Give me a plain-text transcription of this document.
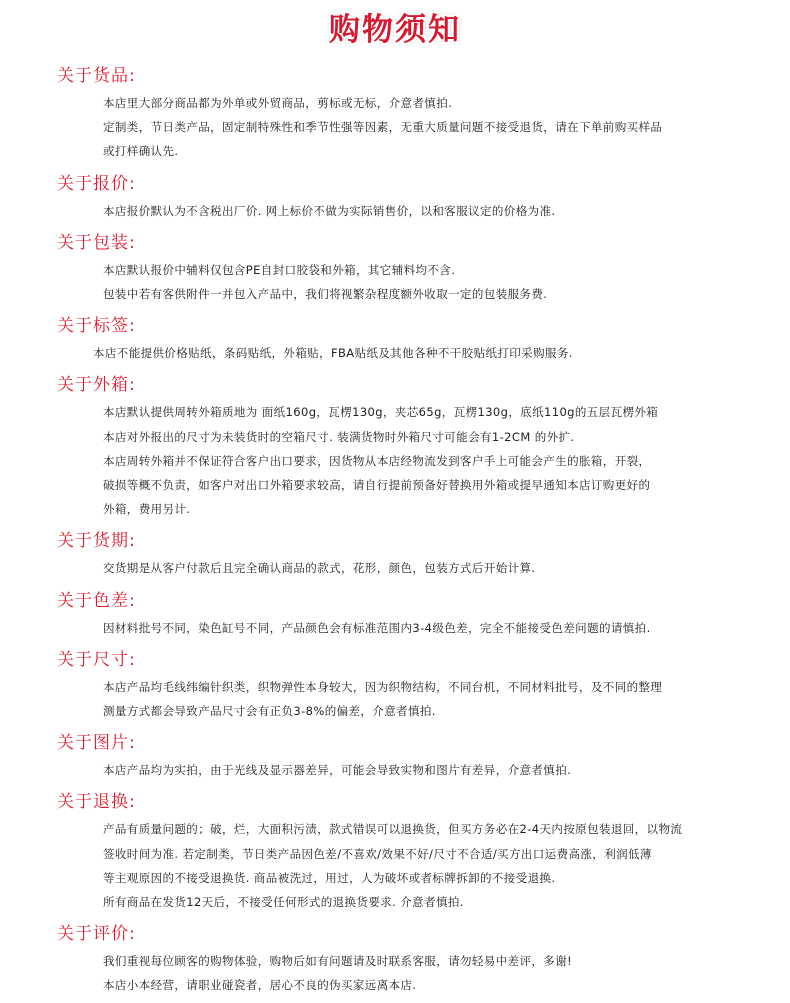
购物须知
关于货品:
本店里大部分商品都为外单或外贸商品，剪标或无标，介意者慎拍.
定制类，节日类产品，固定制特殊性和季节性强等因素，无重大质量问题不接受退货，请在下单前购买样品
或打样确认先.
关于报价:
本店报价默认为不含税出厂价. 网上标价不做为实际销售价，以和客服议定的价格为准.
关于包装:
本店默认报价中辅料仅包含PE自封口胶袋和外箱，其它辅料均不含.
包装中若有客供附件一并包入产品中，我们将视繁杂程度额外收取一定的包装服务费.
关于标签:
本店不能提供价格贴纸，条码贴纸，外箱贴，FBA贴纸及其他各种不干胶贴纸打印采购服务.
关于外箱:
本店默认提供周转外箱质地为 面纸160g，瓦楞130g，夹芯65g，瓦楞130g，底纸110g的五层瓦楞外箱
本店对外报出的尺寸为未装货时的空箱尺寸. 装满货物时外箱尺寸可能会有1-2CM 的外扩.
本店周转外箱并不保证符合客户出口要求，因货物从本店经物流发到客户手上可能会产生的胀箱，开裂，
破损等概不负责，如客户对出口外箱要求较高，请自行提前预备好替换用外箱或提早通知本店订购更好的
外箱，费用另计.
关于货期:
交货期是从客户付款后且完全确认商品的款式，花形，颜色，包装方式后开始计算.
关于色差:
因材料批号不同，染色缸号不同，产品颜色会有标准范围内3-4级色差，完全不能接受色差问题的请慎拍.
关于尺寸:
本店产品均毛线纬编针织类，织物弹性本身较大，因为织物结构，不同台机，不同材料批号，及不同的整理
测量方式都会导致产品尺寸会有正负3-8%的偏差，介意者慎拍.
关于图片:
本店产品均为实拍，由于光线及显示器差异，可能会导致实物和图片有差异，介意者慎拍.
关于退换:
产品有质量问题的；破，烂，大面积污渍，款式错误可以退换货，但买方务必在2-4天内按原包装退回，以物流
签收时间为准. 若定制类，节日类产品因色差/不喜欢/效果不好/尺寸不合适/买方出口运费高涨，利润低薄
等主观原因的不接受退换货. 商品被洗过，用过，人为破坏或者标牌拆卸的不接受退换.
所有商品在发货12天后，不接受任何形式的退换货要求. 介意者慎拍.
关于评价:
我们重视每位顾客的购物体验，购物后如有问题请及时联系客服，请勿轻易中差评，多谢!
本店小本经营，请职业碰瓷者，居心不良的伪买家远离本店.
